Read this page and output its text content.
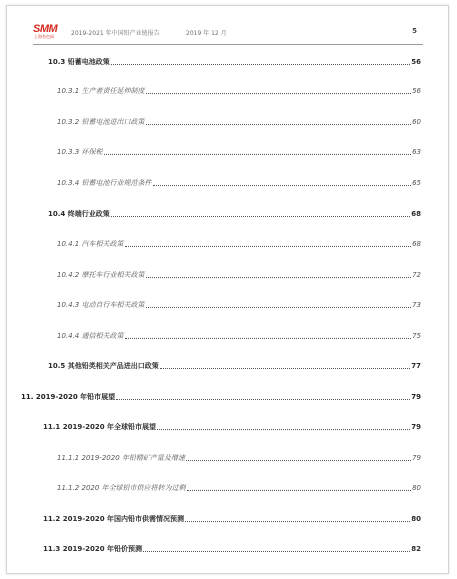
SMM
上海有色网	2019-2021 年中国铅产业链报告	2019 年 12 月	5
10.3 铅蓄电池政策	56
10.3.1 生产者责任延伸制度	56
10.3.2 铅蓄电池进出口政策	60
10.3.3 环保税	63
10.3.4 铅蓄电池行业规范条件	65
10.4 终端行业政策	68
10.4.1 汽车相关政策	68
10.4.2 摩托车行业相关政策	72
10.4.3 电动自行车相关政策	73
10.4.4 通信相关政策	75
10.5 其他铅类相关产品进出口政策	77
11. 2019-2020 年铅市展望	79
11.1 2019-2020 年全球铅市展望	79
11.1.1 2019-2020 年铅精矿产量及增速	79
11.1.2 2020 年全球铅市供应将转为过剩	80
11.2 2019-2020 年国内铅市供需情况预测	80
11.3 2019-2020 年铅价预测	82
